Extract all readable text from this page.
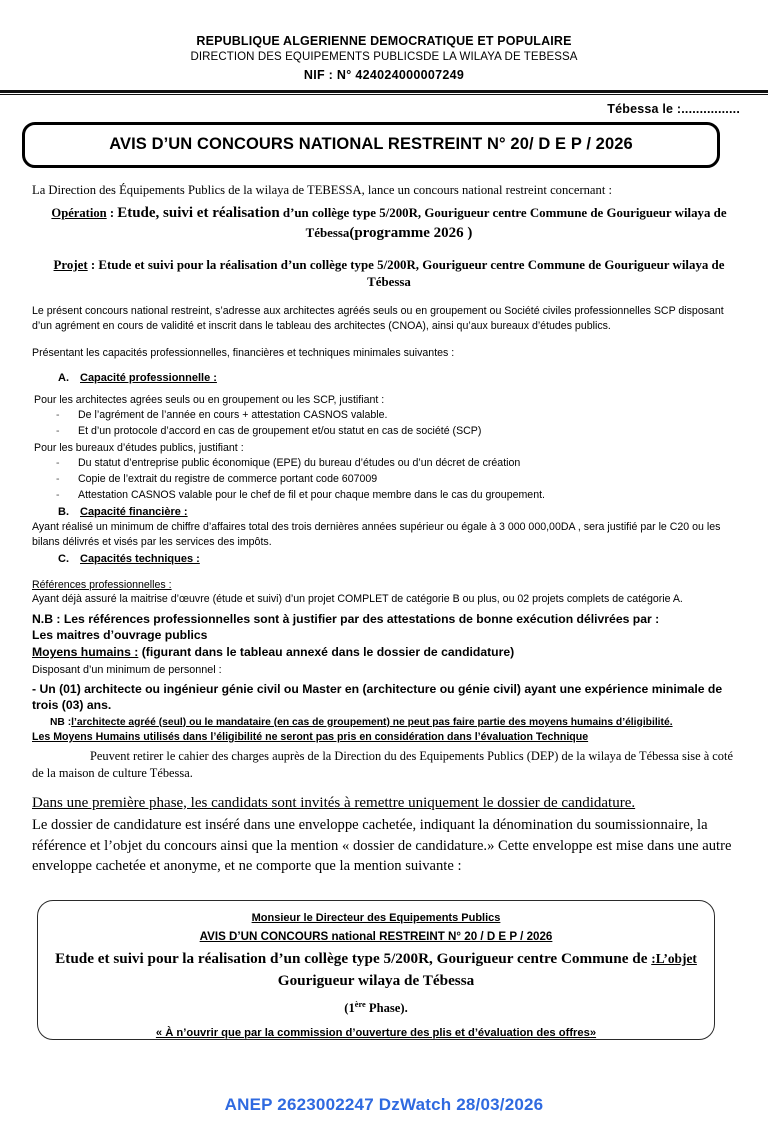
REPUBLIQUE ALGERIENNE DEMOCRATIQUE ET POPULAIRE
DIRECTION DES EQUIPEMENTS PUBLICSDE LA WILAYA DE TEBESSA
NIF : N° 424024000007249
Tébessa le :................
AVIS D’UN CONCOURS NATIONAL RESTREINT N° 20/ D E P / 2026
La Direction des Équipements Publics de la wilaya de TEBESSA, lance un concours national restreint concernant :
Opération : Etude, suivi et réalisation d’un collège type 5/200R, Gourigueur centre Commune de Gourigueur wilaya de Tébessa(programme 2026 )
Projet : Etude et suivi pour la réalisation d’un collège type 5/200R, Gourigueur centre Commune de Gourigueur wilaya de Tébessa
Le présent concours national restreint, s’adresse aux architectes agréés seuls ou en groupement ou Société civiles professionnelles SCP disposant d’un agrément en cours de validité et inscrit dans le tableau des architectes (CNOA), ainsi qu’aux bureaux d’études publics.
Présentant les capacités professionnelles, financières et techniques minimales suivantes :
A. Capacité professionnelle :
Pour les architectes agrées seuls ou en groupement ou les SCP, justifiant :
- De l’agrément de l’année en cours + attestation CASNOS valable.
- Et d’un protocole d’accord en cas de groupement et/ou statut en cas de société (SCP)
Pour les bureaux d’études publics, justifiant :
- Du statut d’entreprise public économique (EPE) du bureau d’études ou d’un décret de création
- Copie de l’extrait du registre de commerce portant code 607009
- Attestation CASNOS valable pour le chef de fil et pour chaque membre dans le cas du groupement.
B. Capacité financière :
Ayant réalisé un minimum de chiffre d’affaires total des trois dernières années supérieur ou égale à 3 000 000,00DA , sera justifié par le C20 ou les bilans délivrés et visés par les services des impôts.
C. Capacités techniques :
Références professionnelles :
Ayant déjà assuré la maitrise d’œuvre (étude et suivi) d’un projet COMPLET de catégorie B ou plus, ou 02 projets complets de catégorie A.
N.B : Les références professionnelles sont à justifier par des attestations de bonne exécution délivrées par :
Les maitres d’ouvrage publics
Moyens humains : (figurant dans le tableau annexé dans le dossier de candidature)
Disposant d’un minimum de personnel :
- Un (01) architecte ou ingénieur génie civil ou Master en (architecture ou génie civil) ayant une expérience minimale de trois (03) ans.
NB :l’architecte agréé (seul) ou le mandataire (en cas de groupement) ne peut pas faire partie des moyens humains d’éligibilité.
Les Moyens Humains utilisés dans l’éligibilité ne seront pas pris en considération dans l’évaluation Technique
Peuvent retirer le cahier des charges auprès de la Direction du des Equipements Publics (DEP) de la wilaya de Tébessa sise à coté de la maison de culture Tébessa.
Dans une première phase, les candidats sont invités à remettre uniquement le dossier de candidature.
Le dossier de candidature est inséré dans une enveloppe cachetée, indiquant la dénomination du soumissionnaire, la référence et l’objet du concours ainsi que la mention « dossier de candidature.» Cette enveloppe est mise dans une autre enveloppe cachetée et anonyme, et ne comporte que la mention suivante :
Monsieur le Directeur des Equipements Publics
AVIS D’UN CONCOURS national RESTREINT N° 20 / D E P / 2026
Etude et suivi pour la réalisation d’un collège type 5/200R, Gourigueur centre Commune de :L’objet
Gourigueur wilaya de Tébessa
(1ère Phase).
« À n’ouvrir que par la commission d’ouverture des plis et d’évaluation des offres»
ANEP 2623002247 DzWatch 28/03/2026
